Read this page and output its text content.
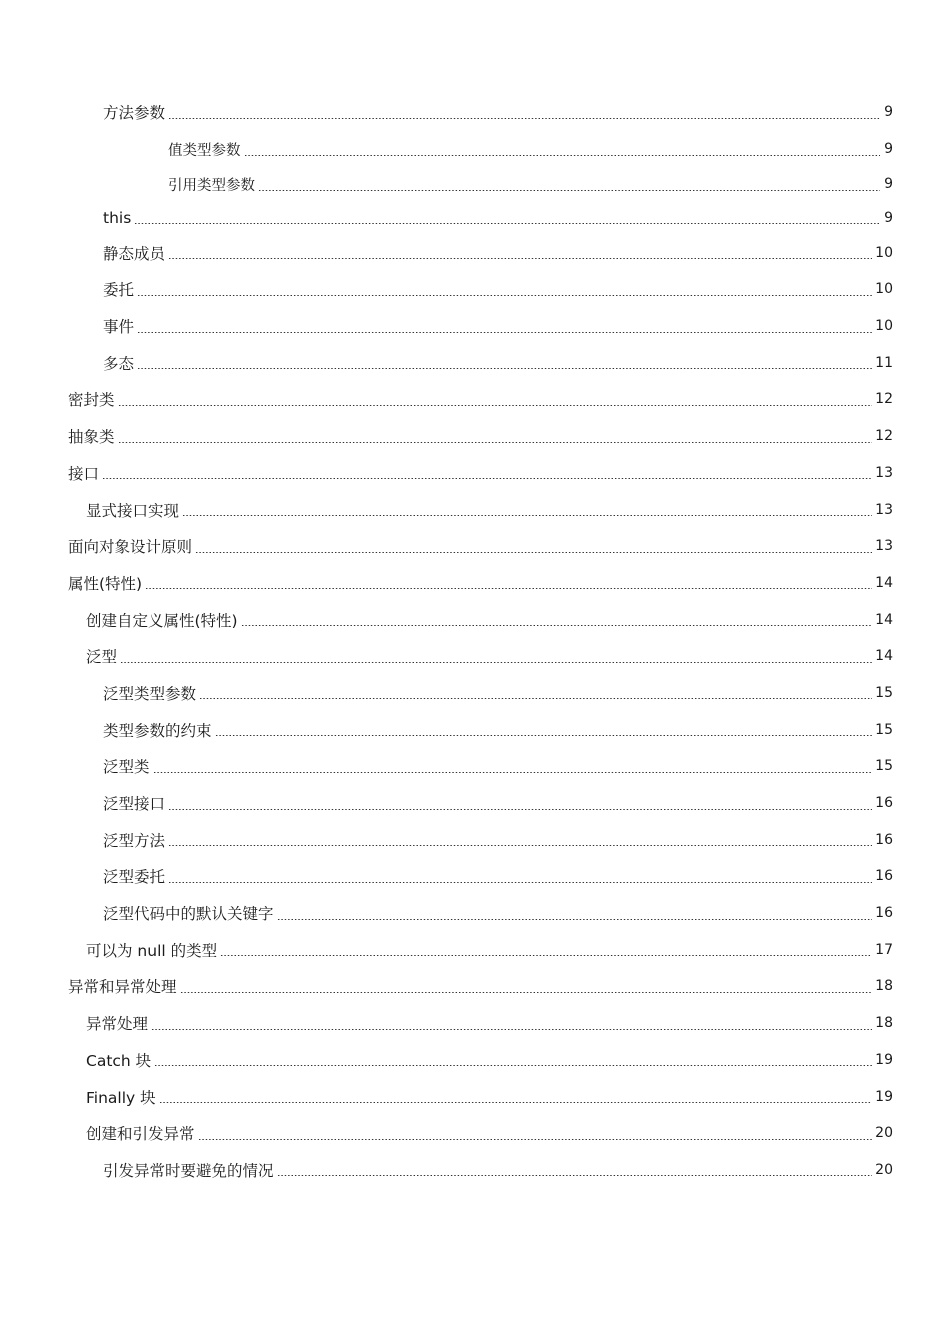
方法参数	9
值类型参数	9
引用类型参数	9
this	9
静态成员	10
委托	10
事件	10
多态	11
密封类	12
抽象类	12
接口	13
显式接口实现	13
面向对象设计原则	13
属性(特性)	14
创建自定义属性(特性)	14
泛型	14
泛型类型参数	15
类型参数的约束	15
泛型类	15
泛型接口	16
泛型方法	16
泛型委托	16
泛型代码中的默认关键字	16
可以为 null 的类型	17
异常和异常处理	18
异常处理	18
Catch 块	19
Finally 块	19
创建和引发异常	20
引发异常时要避免的情况	20
